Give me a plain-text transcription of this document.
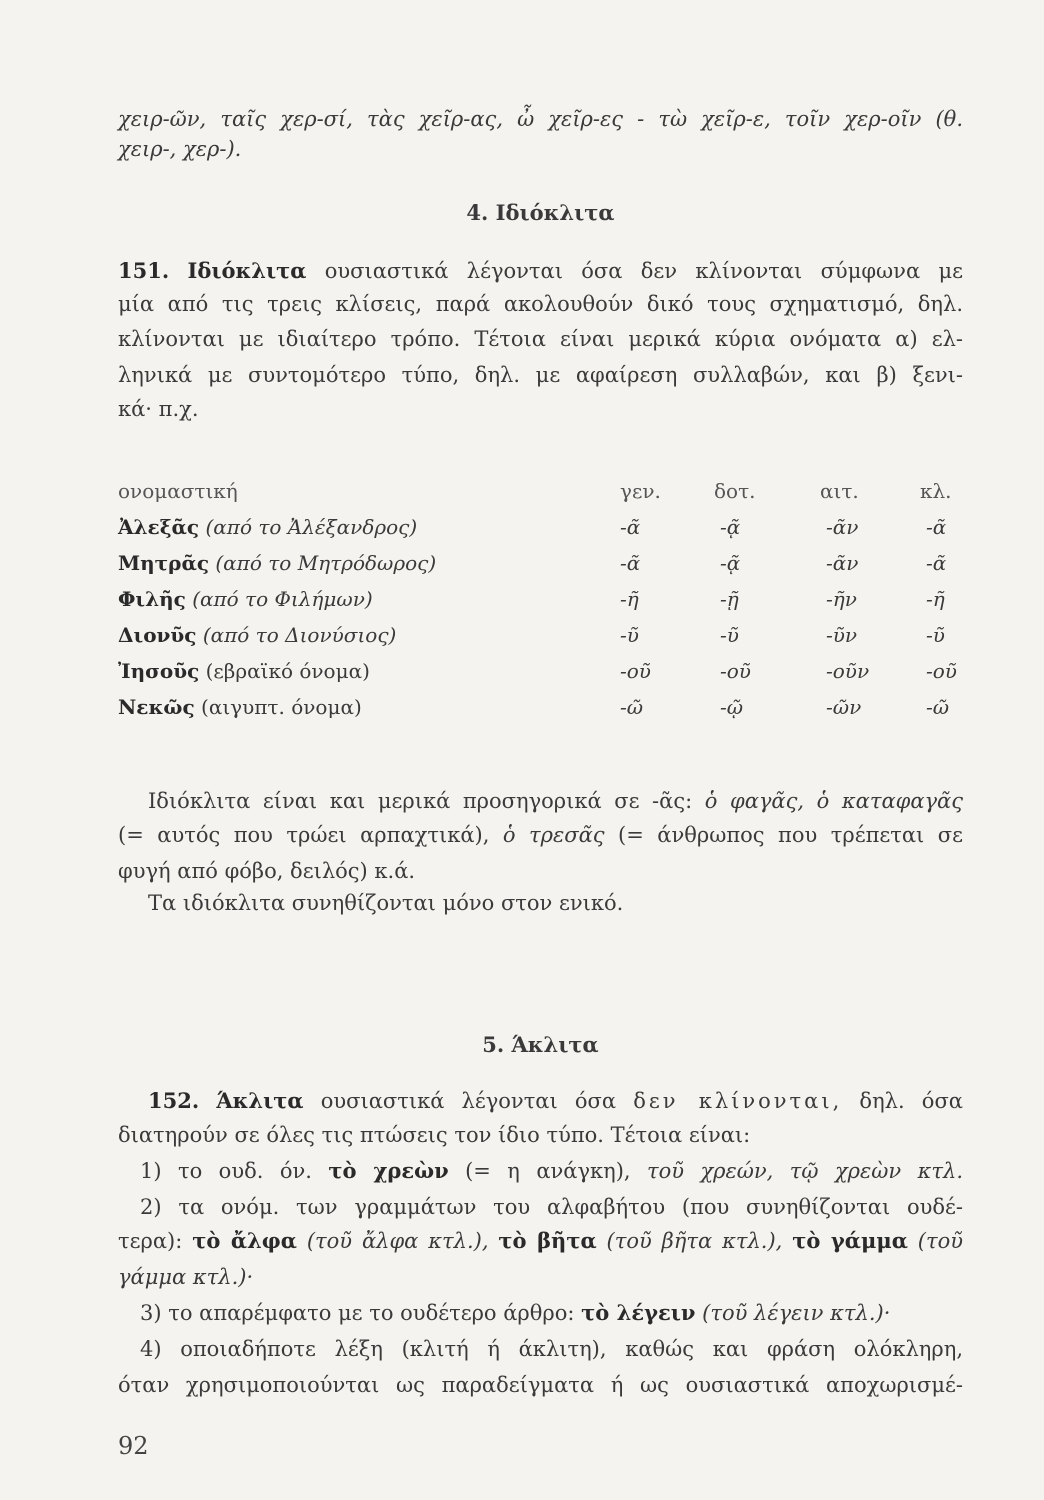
χειρ-ῶν, ταῖς χερ-σί, τὰς χεῖρ-ας, ὦ χεῖρ-ες - τὼ χεῖρ-ε, τοῖν χερ-οῖν (θ.
χειρ-, χερ-).
4. Ιδιόκλιτα
151. Ιδιόκλιτα ουσιαστικά λέγονται όσα δεν κλίνονται σύμφωνα με
μία από τις τρεις κλίσεις, παρά ακολουθούν δικό τους σχηματισμό, δηλ.
κλίνονται με ιδιαίτερο τρόπο. Τέτοια είναι μερικά κύρια ονόματα α) ελ-
ληνικά με συντομότερο τύπο, δηλ. με αφαίρεση συλλαβών, και β) ξενι-
κά· π.χ.
ονομαστική	γεν.	δοτ.	αιτ.	κλ.
Ἀλεξᾶς (από το Ἀλέξανδρος)	-ᾶ	-ᾷ	-ᾶν	-ᾶ
Μητρᾶς (από το Μητρόδωρος)	-ᾶ	-ᾷ	-ᾶν	-ᾶ
Φιλῆς (από το Φιλήμων)	-ῆ	-ῇ	-ῆν	-ῆ
Διονῦς (από το Διονύσιος)	-ῦ	-ῦ	-ῦν	-ῦ
Ἰησοῦς (εβραϊκό όνομα)	-οῦ	-οῦ	-οῦν	-οῦ
Νεκῶς (αιγυπτ. όνομα)	-ῶ	-ῷ	-ῶν	-ῶ
Ιδιόκλιτα είναι και μερικά προσηγορικά σε -ᾶς: ὁ φαγᾶς, ὁ καταφαγᾶς
(= αυτός που τρώει αρπαχτικά), ὁ τρεσᾶς (= άνθρωπος που τρέπεται σε
φυγή από φόβο, δειλός) κ.ά.
Τα ιδιόκλιτα συνηθίζονται μόνο στον ενικό.
5. Άκλιτα
152. Άκλιτα ουσιαστικά λέγονται όσα δεν κλίνονται, δηλ. όσα
διατηρούν σε όλες τις πτώσεις τον ίδιο τύπο. Τέτοια είναι:
1) το ουδ. όν. τὸ χρεὼν (= η ανάγκη), τοῦ χρεών, τῷ χρεὼν κτλ.
2) τα ονόμ. των γραμμάτων του αλφαβήτου (που συνηθίζονται ουδέ-
τερα): τὸ ἄλφα (τοῦ ἄλφα κτλ.), τὸ βῆτα (τοῦ βῆτα κτλ.), τὸ γάμμα (τοῦ
γάμμα κτλ.)·
3) το απαρέμφατο με το ουδέτερο άρθρο: τὸ λέγειν (τοῦ λέγειν κτλ.)·
4) οποιαδήποτε λέξη (κλιτή ή άκλιτη), καθώς και φράση ολόκληρη,
όταν χρησιμοποιούνται ως παραδείγματα ή ως ουσιαστικά αποχωρισμέ-
92
